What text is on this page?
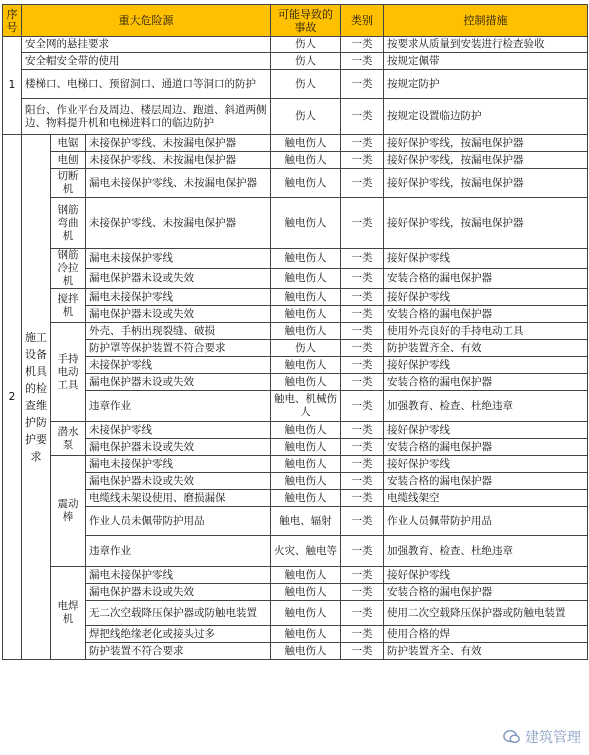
序号	重大危险源			可能导致的事故	类别	控制措施
1	安全网的悬挂要求			伤人	一类	按要求从质量到安装进行检查验收
	安全帽安全带的使用			伤人	一类	按规定佩带
	楼梯口、电梯口、预留洞口、通道口等洞口的防护			伤人	一类	按规定防护
	阳台、作业平台及周边、楼层周边、跑道、斜道两侧边、物料提升机和电梯进料口的临边防护			伤人	一类	按规定设置临边防护
2	施工设备机具的检查维护防护要求	电锯	未接保护零线、未按漏电保护器	触电伤人	一类	接好保护零线，按漏电保护器
		电刨	未接保护零线、未按漏电保护器	触电伤人	一类	接好保护零线，按漏电保护器
		切断机	漏电未接保护零线、未按漏电保护器	触电伤人	一类	接好保护零线，按漏电保护器
		钢筋弯曲机	未接保护零线、未按漏电保护器	触电伤人	一类	接好保护零线，按漏电保护器
		钢筋冷拉机	漏电未接保护零线	触电伤人	一类	接好保护零线
			漏电保护器未设或失效	触电伤人	一类	安装合格的漏电保护器
		搅拌机	漏电未接保护零线	触电伤人	一类	接好保护零线
			漏电保护器未设或失效	触电伤人	一类	安装合格的漏电保护器
		手持电动工具	外壳、手柄出现裂缝、破损	触电伤人	一类	使用外壳良好的手持电动工具
			防护罩等保护装置不符合要求	伤人	一类	防护装置齐全、有效
			未接保护零线	触电伤人	一类	接好保护零线
			漏电保护器未设或失效	触电伤人	一类	安装合格的漏电保护器
			违章作业	触电、机械伤人	一类	加强教育、检查、杜绝违章
		潜水泵	未接保护零线	触电伤人	一类	接好保护零线
			漏电保护器未设或失效	触电伤人	一类	安装合格的漏电保护器
		震动棒	漏电未接保护零线	触电伤人	一类	接好保护零线
			漏电保护器未设或失效	触电伤人	一类	安装合格的漏电保护器
			电缆线未架设使用、磨损漏保	触电伤人	一类	电缆线架空
			作业人员未佩带防护用品	触电、辐射	一类	作业人员佩带防护用品
			违章作业	火灾、触电等	一类	加强教育、检查、杜绝违章
		电焊机	漏电未接保护零线	触电伤人	一类	接好保护零线
			漏电保护器未设或失效	触电伤人	一类	安装合格的漏电保护器
			无二次空载降压保护器或防触电装置	触电伤人	一类	使用二次空载降压保护器或防触电装置
			焊把线绝缘老化或接头过多	触电伤人	一类	使用合格的焊
			防护装置不符合要求	触电伤人	一类	防护装置齐全、有效
建筑管理
